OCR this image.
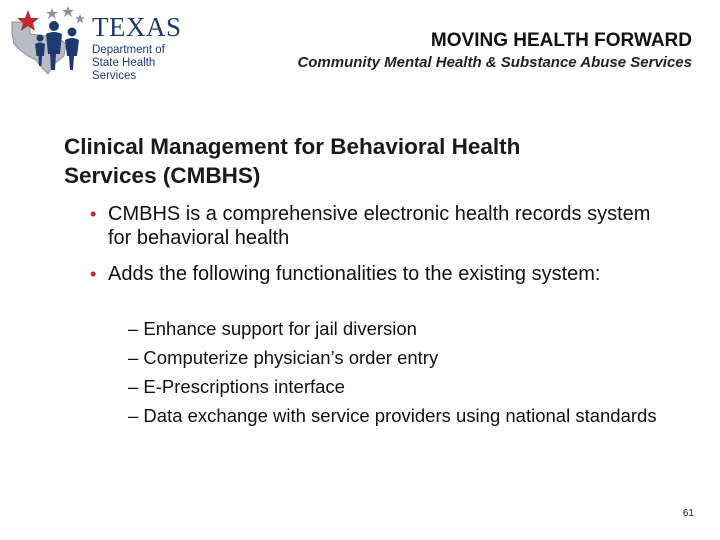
TEXAS
Department of
State Health Services
MOVING HEALTH FORWARD
Community Mental Health & Substance Abuse Services
Clinical Management for Behavioral Health
Services (CMBHS)
• CMBHS is a comprehensive electronic health records system for behavioral health
• Adds the following functionalities to the existing system:
– Enhance support for jail diversion
– Computerize physician’s order entry
– E-Prescriptions interface
– Data exchange with service providers using national standards
61
